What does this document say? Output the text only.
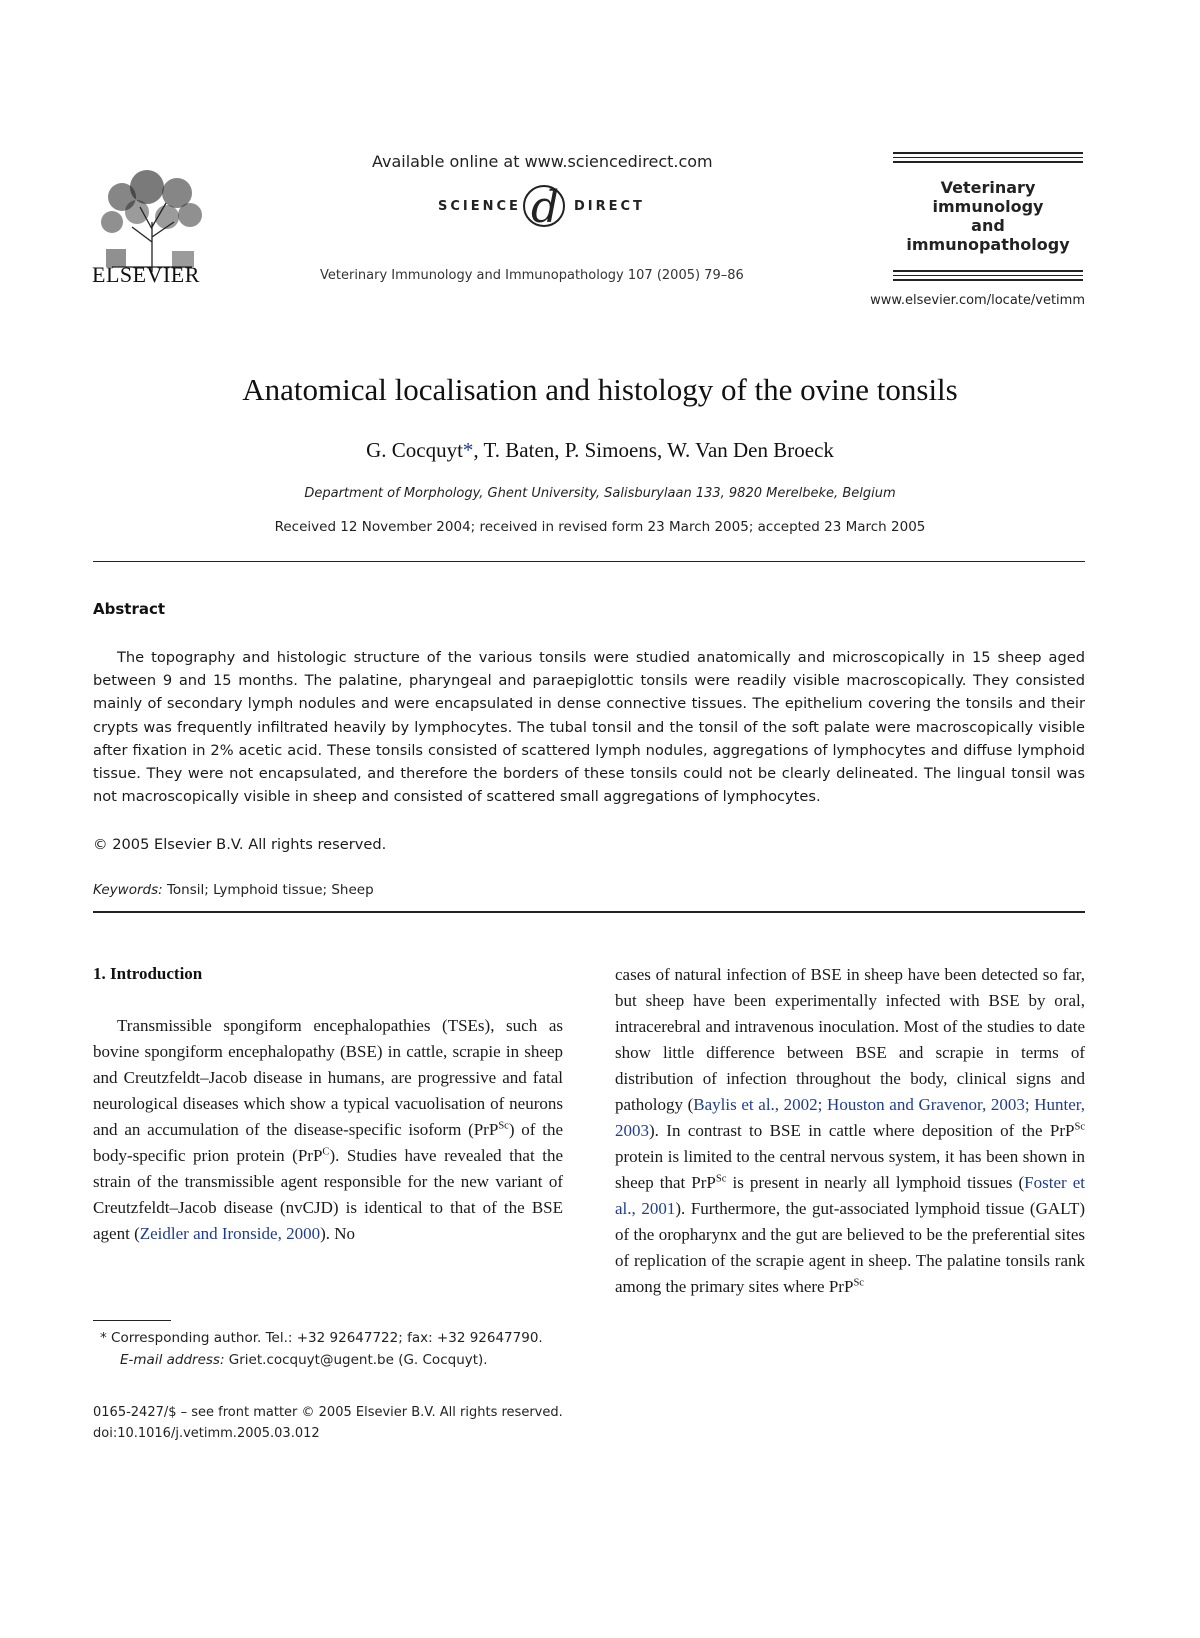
ELSEVIER
Available online at www.sciencedirect.com
SCIENCE d DIRECT
Veterinary Immunology and Immunopathology 107 (2005) 79–86
Veterinary
immunology
and
immunopathology
www.elsevier.com/locate/vetimm
Anatomical localisation and histology of the ovine tonsils
G. Cocquyt*, T. Baten, P. Simoens, W. Van Den Broeck
Department of Morphology, Ghent University, Salisburylaan 133, 9820 Merelbeke, Belgium
Received 12 November 2004; received in revised form 23 March 2005; accepted 23 March 2005
Abstract
The topography and histologic structure of the various tonsils were studied anatomically and microscopically in 15 sheep aged between 9 and 15 months. The palatine, pharyngeal and paraepiglottic tonsils were readily visible macroscopically. They consisted mainly of secondary lymph nodules and were encapsulated in dense connective tissues. The epithelium covering the tonsils and their crypts was frequently infiltrated heavily by lymphocytes. The tubal tonsil and the tonsil of the soft palate were macroscopically visible after fixation in 2% acetic acid. These tonsils consisted of scattered lymph nodules, aggregations of lymphocytes and diffuse lymphoid tissue. They were not encapsulated, and therefore the borders of these tonsils could not be clearly delineated. The lingual tonsil was not macroscopically visible in sheep and consisted of scattered small aggregations of lymphocytes.
© 2005 Elsevier B.V. All rights reserved.
Keywords: Tonsil; Lymphoid tissue; Sheep
1. Introduction
Transmissible spongiform encephalopathies (TSEs), such as bovine spongiform encephalopathy (BSE) in cattle, scrapie in sheep and Creutzfeldt–Jacob disease in humans, are progressive and fatal neurological diseases which show a typical vacuolisation of neurons and an accumulation of the disease-specific isoform (PrP$^{Sc}$) of the body-specific prion protein (PrP$^C$). Studies have revealed that the strain of the transmissible agent responsible for the new variant of Creutzfeldt–Jacob disease (nvCJD) is identical to that of the BSE agent (Zeidler and Ironside, 2000). No
cases of natural infection of BSE in sheep have been detected so far, but sheep have been experimentally infected with BSE by oral, intracerebral and intravenous inoculation. Most of the studies to date show little difference between BSE and scrapie in terms of distribution of infection throughout the body, clinical signs and pathology (Baylis et al., 2002; Houston and Gravenor, 2003; Hunter, 2003). In contrast to BSE in cattle where deposition of the PrP$^{Sc}$ protein is limited to the central nervous system, it has been shown in sheep that PrP$^{Sc}$ is present in nearly all lymphoid tissues (Foster et al., 2001). Furthermore, the gut-associated lymphoid tissue (GALT) of the oropharynx and the gut are believed to be the preferential sites of replication of the scrapie agent in sheep. The palatine tonsils rank among the primary sites where PrP$^{Sc}$
* Corresponding author. Tel.: +32 92647722; fax: +32 92647790.
E-mail address: Griet.cocquyt@ugent.be (G. Cocquyt).
0165-2427/$ – see front matter © 2005 Elsevier B.V. All rights reserved.
doi:10.1016/j.vetimm.2005.03.012
